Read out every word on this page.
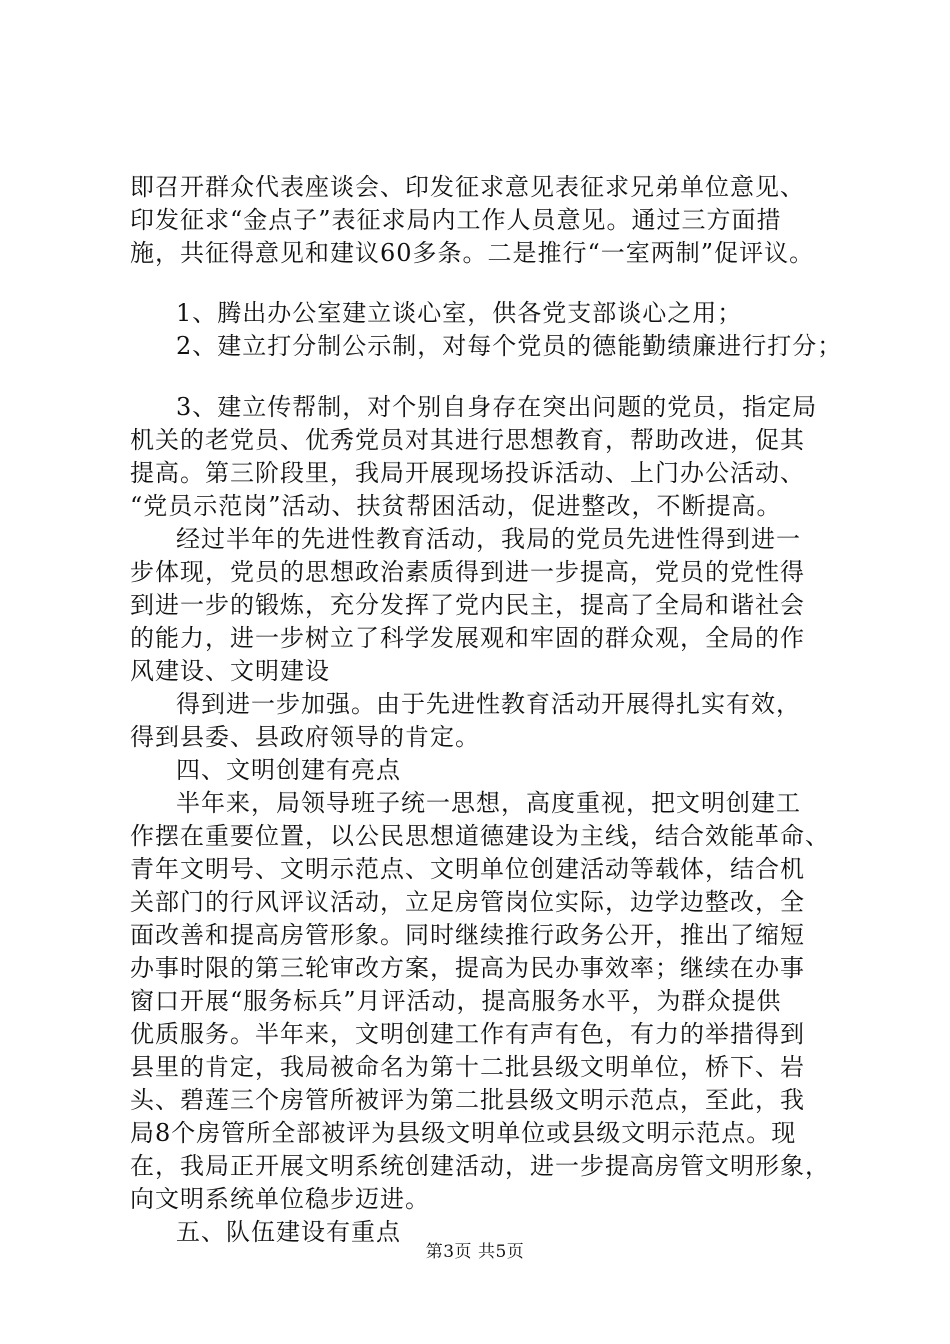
即召开群众代表座谈会、印发征求意见表征求兄弟单位意见、
印发征求“金点子”表征求局内工作人员意见。通过三方面措
施，共征得意见和建议60多条。二是推行“一室两制”促评议。
1、腾出办公室建立谈心室，供各党支部谈心之用；
2、建立打分制公示制，对每个党员的德能勤绩廉进行打分；
3、建立传帮制，对个别自身存在突出问题的党员，指定局
机关的老党员、优秀党员对其进行思想教育，帮助改进，促其
提高。第三阶段里，我局开展现场投诉活动、上门办公活动、
“党员示范岗”活动、扶贫帮困活动，促进整改，不断提高。
经过半年的先进性教育活动，我局的党员先进性得到进一
步体现，党员的思想政治素质得到进一步提高，党员的党性得
到进一步的锻炼，充分发挥了党内民主，提高了全局和谐社会
的能力，进一步树立了科学发展观和牢固的群众观，全局的作
风建设、文明建设
得到进一步加强。由于先进性教育活动开展得扎实有效，
得到县委、县政府领导的肯定。
四、文明创建有亮点
半年来，局领导班子统一思想，高度重视，把文明创建工
作摆在重要位置，以公民思想道德建设为主线，结合效能革命、
青年文明号、文明示范点、文明单位创建活动等载体，结合机
关部门的行风评议活动，立足房管岗位实际，边学边整改，全
面改善和提高房管形象。同时继续推行政务公开，推出了缩短
办事时限的第三轮审改方案，提高为民办事效率；继续在办事
窗口开展“服务标兵”月评活动，提高服务水平，为群众提供
优质服务。半年来，文明创建工作有声有色，有力的举措得到
县里的肯定，我局被命名为第十二批县级文明单位，桥下、岩
头、碧莲三个房管所被评为第二批县级文明示范点，至此，我
局8个房管所全部被评为县级文明单位或县级文明示范点。现
在，我局正开展文明系统创建活动，进一步提高房管文明形象，
向文明系统单位稳步迈进。
五、队伍建设有重点
第3页 共5页
